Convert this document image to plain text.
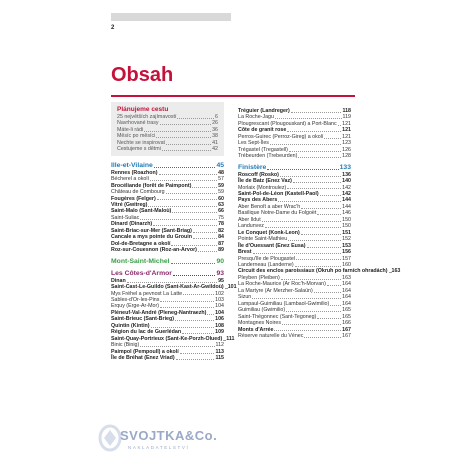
2
Obsah
Plánujeme cestu
25 největších zajímavostí	6
Navrhované trasy	26
Máte-li rádi	36
Měsíc po měsíci	38
Nechte se inspirovat	41
Cestujeme s dětmi	42
Ille-et-Vilaine	45
Rennes (Roazhon)	48
Bécherel a okolí	57
Brocéliande (forêt de Paimpont)	59
Château de Combourg	59
Fougères (Felger)	60
Vitré (Gwitreg)	63
Saint-Malo (Sant-Maloù)	66
Saint-Suliac	75
Dinard (Dinarzh)	78
Saint-Briac-sur-Mer (Sant-Briag)	82
Cancale a mys pointe du Grouin	84
Dol-de-Bretagne a okolí	87
Roz-sur-Couesnon (Roz-an-Arvor)	89
Mont-Saint-Michel	90
Les Côtes-d'Armor	93
Dinan	95
Saint-Cast-Le-Guildo (Sant-Kast-Ar-Gwildoù) 101
Mys Fréhel a pevnost La Latte	102
Sables-d'Or-les-Pins	103
Erquy (Erge-Ar-Mor)	104
Pléneuf-Val-André (Pleneg-Nantraezh) 104
Saint-Brieuc (Sant-Brieg)	106
Quintin (Kintin)	108
Région du lac de Guerlédan	109
Saint-Quay-Portrieux (Sant-Ke-Porzh-Olued) 111
Binic (Binig)	112
Paimpol (Pempoull) a okolí	113
Île de Bréhat (Enez Vriad)	115
Tréguier (Landreger)	118
La Roche-Jagu	119
Plougrescant (Plougouskant) a Port-Blanc 121
Côte de granit rose	121
Perros-Guirec (Perroz-Gireg) a okolí	121
Les Sept-Îles	123
Trégastel (Tregastell)	126
Trébeurden (Trebeurden)	128
Finistère	133
Roscoff (Rosko)	136
Île de Batz (Enez Vaz)	140
Morlaix (Montroulez)	142
Saint-Pol-de-Léon (Kastell-Paol)	142
Pays des Abers	144
Aber Benoît a aber Wrac'h	144
Basilique Notre-Dame du Folgoët	146
Aber Ildut	150
Landunvez	150
Le Conquet (Konk-Leon)	151
Pointe Saint-Mathieu	152
Île d'Ouessant (Enez Eusa)	153
Brest	156
Presqu'île de Plougastel	157
Landerneau (Landerne)	160
Circuit des enclos paroissiaux (Okruh po farních ohradách) 163
Pleyben (Pleiben)	163
La Roche-Maurice (Ar Roc'h-Morvan)	164
La Martyre (Ar Merzher-Salaün)	164
Sizun	164
Lampaul-Guimiliau (Lambaol-Gwimilio) 164
Guimiliau (Gwimilio)	165
Saint-Thégonnec (Sant-Tegoneg)	165
Montagnes Noires	166
Monts d'Arrée	167
Réserve naturelle du Vénec	167
SVOJTKA&Co.
NAKLADATELSTVÍ
